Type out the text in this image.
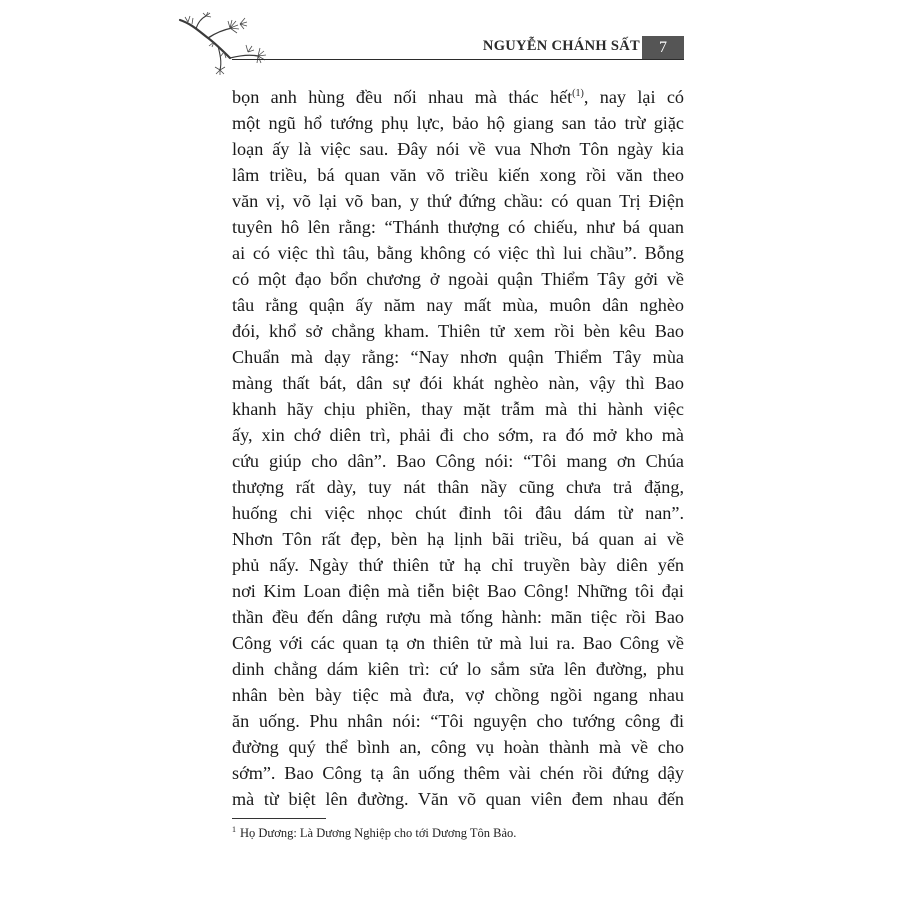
NGUYỄN CHÁNH SẤT 7
bọn anh hùng đều nối nhau mà thác hết$^{(1)}$, nay lại có
một ngũ hổ tướng phụ lực, bảo hộ giang san tảo trừ giặc
loạn ấy là việc sau. Đây nói về vua Nhơn Tôn ngày kia
lâm triều, bá quan văn võ triều kiến xong rồi văn theo
văn vị, võ lại võ ban, y thứ đứng chầu: có quan Trị Điện
tuyên hô lên rằng: “Thánh thượng có chiếu, như bá quan
ai có việc thì tâu, bằng không có việc thì lui chầu”. Bỗng
có một đạo bổn chương ở ngoài quận Thiểm Tây gởi về
tâu rằng quận ấy năm nay mất mùa, muôn dân nghèo
đói, khổ sở chẳng kham. Thiên tử xem rồi bèn kêu Bao
Chuẩn mà dạy rằng: “Nay nhơn quận Thiểm Tây mùa
màng thất bát, dân sự đói khát nghèo nàn, vậy thì Bao
khanh hãy chịu phiền, thay mặt trẫm mà thi hành việc
ấy, xin chớ diên trì, phải đi cho sớm, ra đó mở kho mà
cứu giúp cho dân”. Bao Công nói: “Tôi mang ơn Chúa
thượng rất dày, tuy nát thân nầy cũng chưa trả đặng,
huống chi việc nhọc chút đỉnh tôi đâu dám từ nan”.
Nhơn Tôn rất đẹp, bèn hạ lịnh bãi triều, bá quan ai về
phủ nấy. Ngày thứ thiên tử hạ chỉ truyền bày diên yến
nơi Kim Loan điện mà tiễn biệt Bao Công! Những tôi đại
thần đều đến dâng rượu mà tống hành: mãn tiệc rồi Bao
Công với các quan tạ ơn thiên tử mà lui ra. Bao Công về
dinh chẳng dám kiên trì: cứ lo sắm sửa lên đường, phu
nhân bèn bày tiệc mà đưa, vợ chồng ngồi ngang nhau
ăn uống. Phu nhân nói: “Tôi nguyện cho tướng công đi
đường quý thể bình an, công vụ hoàn thành mà về cho
sớm”. Bao Công tạ ân uống thêm vài chén rồi đứng dậy
mà từ biệt lên đường. Văn võ quan viên đem nhau đến
$^1$ Họ Dương: Là Dương Nghiệp cho tới Dương Tôn Bảo.
